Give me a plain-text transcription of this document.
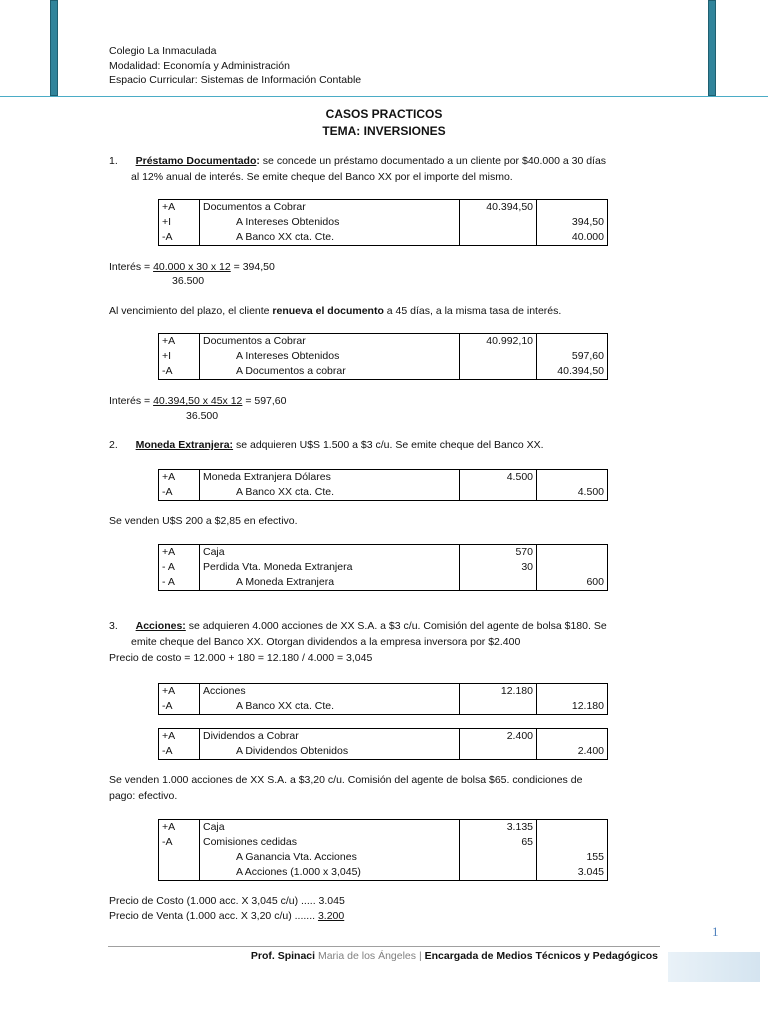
Colegio La Inmaculada
Modalidad: Economía y Administración
Espacio Curricular: Sistemas de Información Contable
CASOS PRACTICOS
TEMA: INVERSIONES
1. Préstamo Documentado: se concede un préstamo documentado a un cliente por $40.000 a 30 días
al 12% anual de interés. Se emite cheque del Banco XX por el importe del mismo.
+A	Documentos a Cobrar	40.394,50	
+I	A Intereses Obtenidos		394,50
-A	A Banco XX cta. Cte.		40.000
Interés = 40.000 x 30 x 12 = 394,50
36.500
Al vencimiento del plazo, el cliente renueva el documento a 45 días, a la misma tasa de interés.
+A	Documentos a Cobrar	40.992,10	
+I	A Intereses Obtenidos		597,60
-A	A Documentos a cobrar		40.394,50
Interés = 40.394,50 x 45x 12 = 597,60
36.500
2. Moneda Extranjera: se adquieren U$S 1.500 a $3 c/u. Se emite cheque del Banco XX.
+A	Moneda Extranjera Dólares	4.500	
-A	A Banco XX cta. Cte.		4.500
Se venden U$S 200 a $2,85 en efectivo.
+A	Caja	570	
- A	Perdida Vta. Moneda Extranjera	30	
- A	A Moneda Extranjera		600
3. Acciones: se adquieren 4.000 acciones de XX S.A. a $3 c/u. Comisión del agente de bolsa $180. Se
emite cheque del Banco XX. Otorgan dividendos a la empresa inversora por $2.400
Precio de costo = 12.000 + 180 = 12.180 / 4.000 = 3,045
+A	Acciones	12.180	
-A	A Banco XX cta. Cte.		12.180
+A	Dividendos a Cobrar	2.400	
-A	A Dividendos Obtenidos		2.400
Se venden 1.000 acciones de XX S.A. a $3,20 c/u. Comisión del agente de bolsa $65. condiciones de
pago: efectivo.
+A	Caja	3.135	
-A	Comisiones cedidas	65	
	A Ganancia Vta. Acciones		155
	A Acciones (1.000 x 3,045)		3.045
Precio de Costo (1.000 acc. X 3,045 c/u) ..... 3.045
Precio de Venta (1.000 acc. X 3,20 c/u) ....... 3.200
1
Prof. Spinaci Maria de los Ángeles | Encargada de Medios Técnicos y Pedagógicos
